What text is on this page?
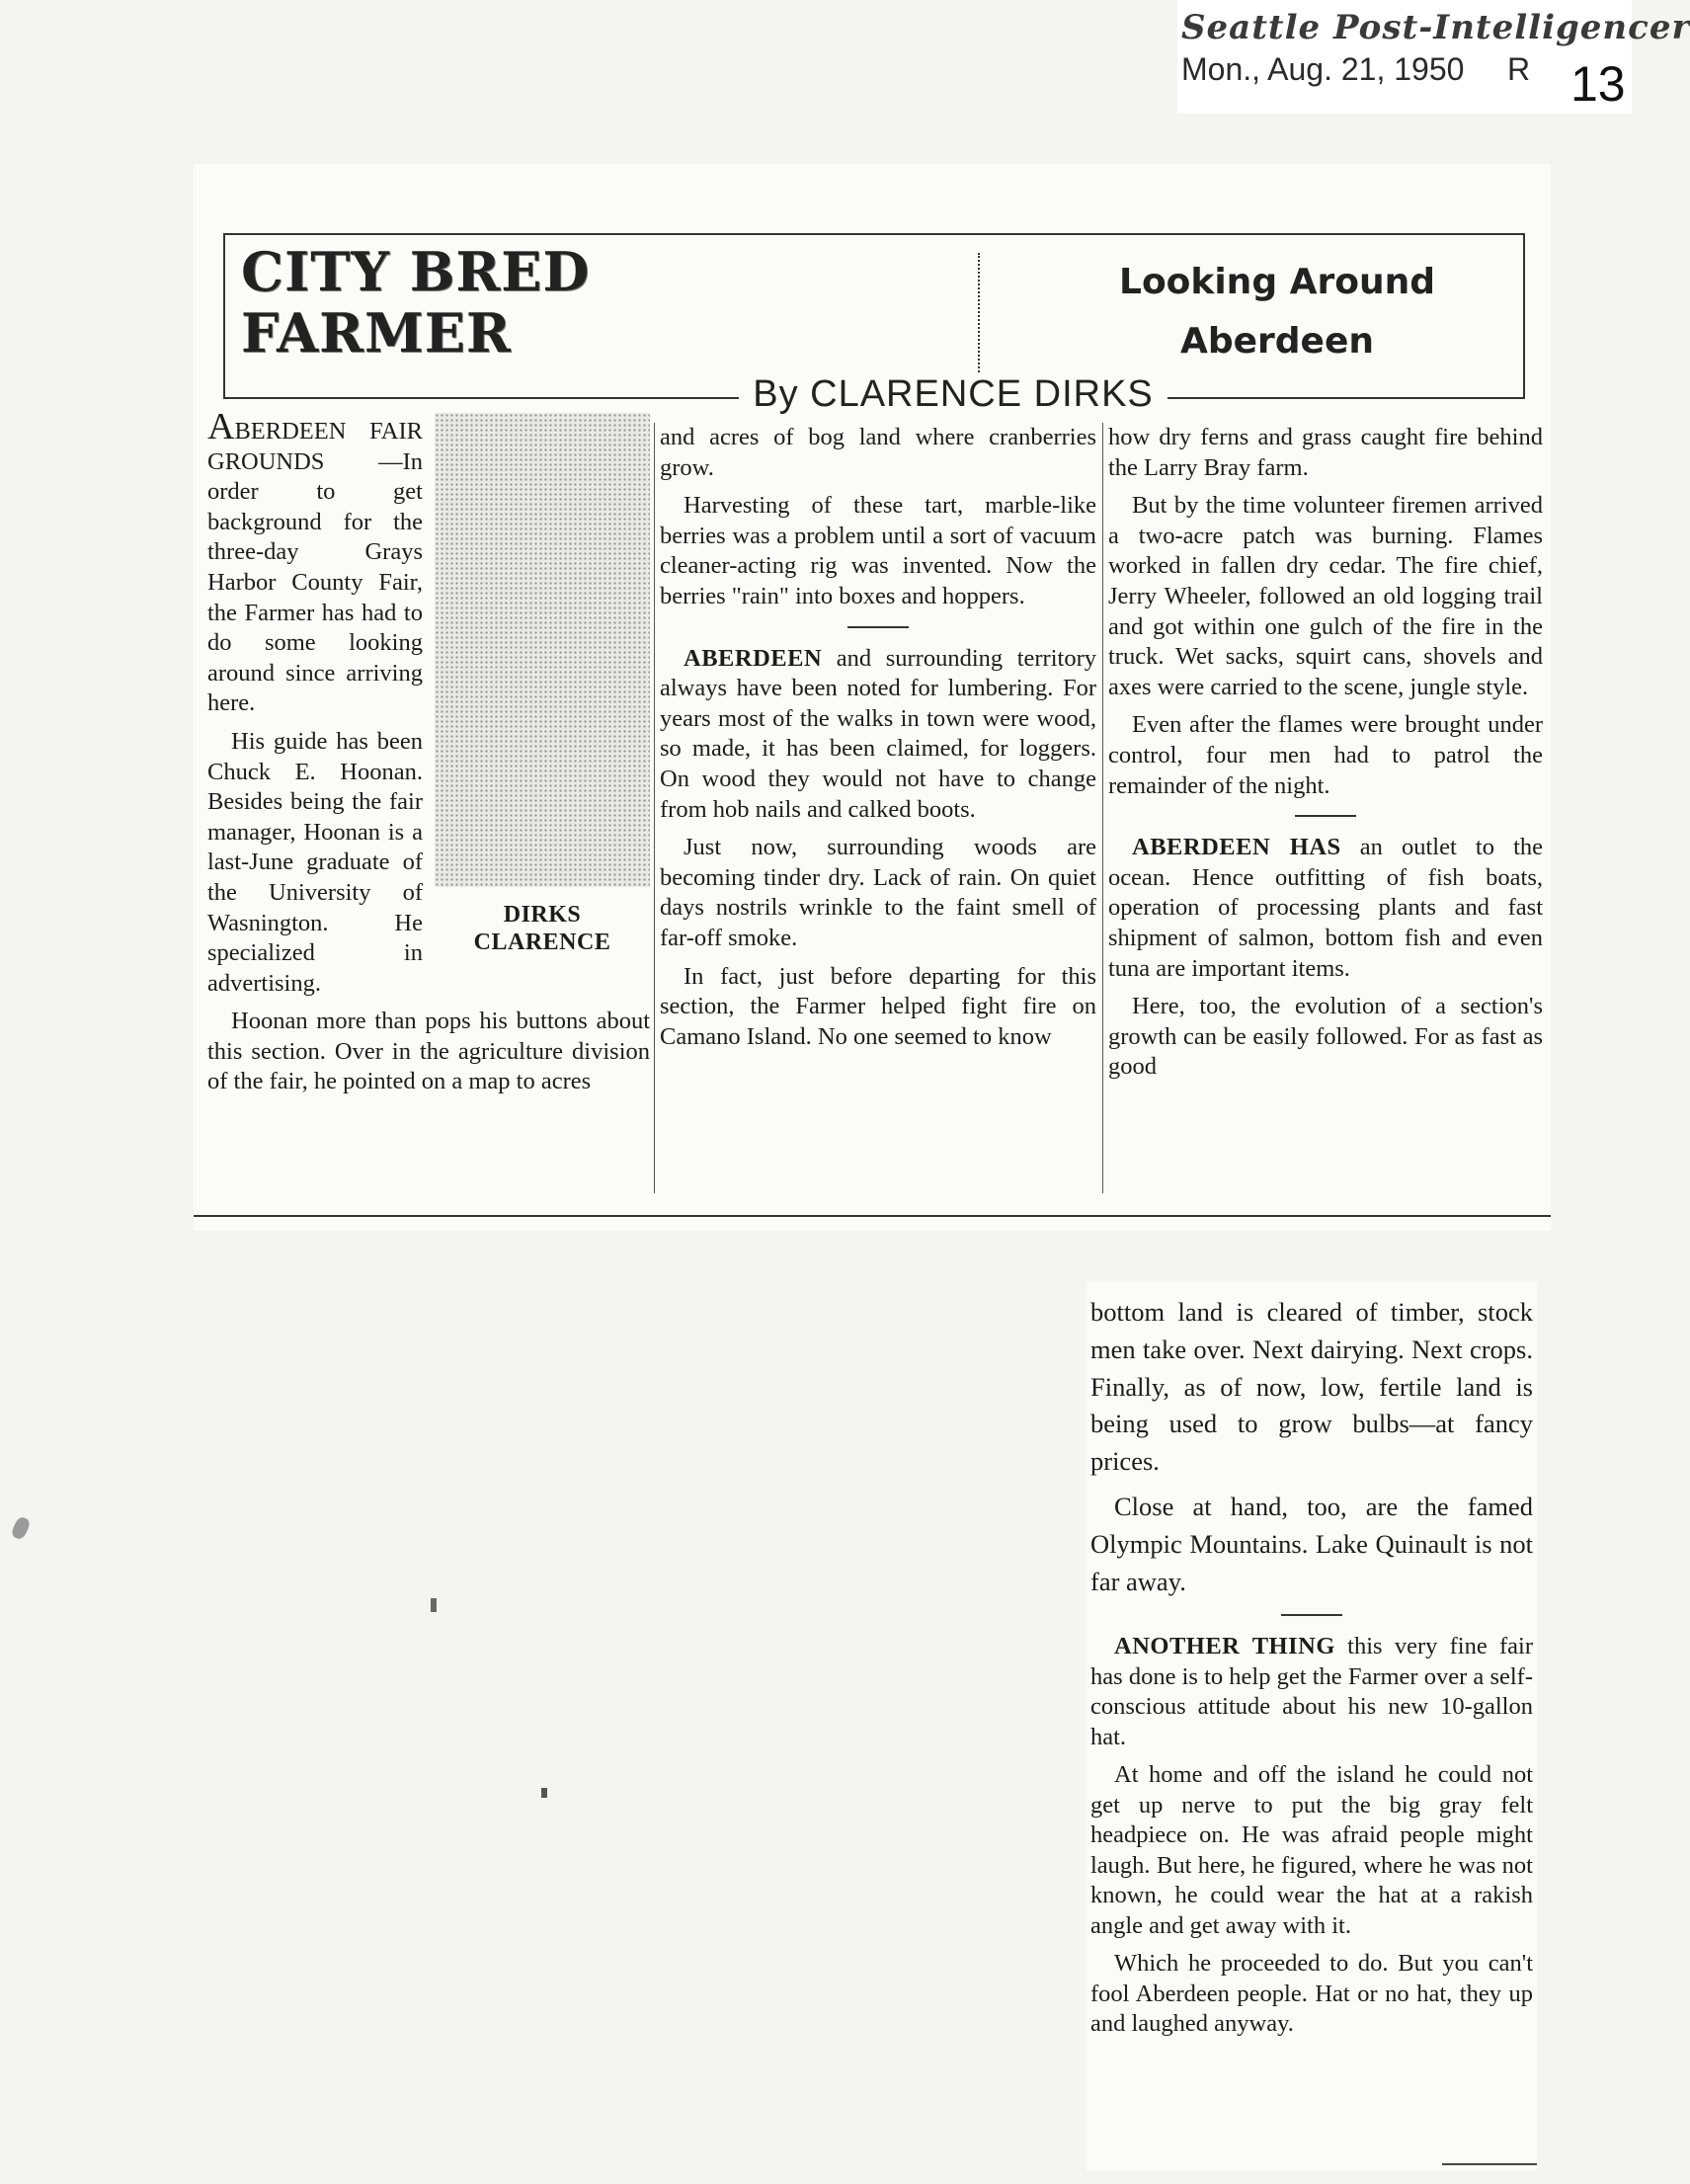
Seattle Post-Intelligencer
Mon., Aug. 21, 1950 R 13
CITY BRED
FARMER
Looking Around
Aberdeen
By CLARENCE DIRKS
DIRKS
CLARENCE

ABERDEEN FAIR GROUNDS —In order to get background for the three-day Grays Harbor County Fair, the Farmer has had to do some looking around since arriving here.

His guide has been Chuck E. Hoonan. Besides being the fair manager, Hoonan is a last-June graduate of the University of Wasnington. He specialized in advertising.

Hoonan more than pops his buttons about this section. Over in the agriculture division of the fair, he pointed on a map to acres

and acres of bog land where cranberries grow.

Harvesting of these tart, marble-like berries was a problem until a sort of vacuum cleaner-acting rig was invented. Now the berries "rain" into boxes and hoppers.

ABERDEEN and surrounding territory always have been noted for lumbering. For years most of the walks in town were wood, so made, it has been claimed, for loggers. On wood they would not have to change from hob nails and calked boots.

Just now, surrounding woods are becoming tinder dry. Lack of rain. On quiet days nostrils wrinkle to the faint smell of far-off smoke.

In fact, just before departing for this section, the Farmer helped fight fire on Camano Island. No one seemed to know

how dry ferns and grass caught fire behind the Larry Bray farm.

But by the time volunteer firemen arrived a two-acre patch was burning. Flames worked in fallen dry cedar. The fire chief, Jerry Wheeler, followed an old logging trail and got within one gulch of the fire in the truck. Wet sacks, squirt cans, shovels and axes were carried to the scene, jungle style.

Even after the flames were brought under control, four men had to patrol the remainder of the night.

ABERDEEN HAS an outlet to the ocean. Hence outfitting of fish boats, operation of processing plants and fast shipment of salmon, bottom fish and even tuna are important items.

Here, too, the evolution of a section's growth can be easily followed. For as fast as good

bottom land is cleared of timber, stock men take over. Next dairying. Next crops. Finally, as of now, low, fertile land is being used to grow bulbs—at fancy prices.

Close at hand, too, are the famed Olympic Mountains. Lake Quinault is not far away.

ANOTHER THING this very fine fair has done is to help get the Farmer over a self-conscious attitude about his new 10-gallon hat.

At home and off the island he could not get up nerve to put the big gray felt headpiece on. He was afraid people might laugh. But here, he figured, where he was not known, he could wear the hat at a rakish angle and get away with it.

Which he proceeded to do. But you can't fool Aberdeen people. Hat or no hat, they up and laughed anyway.
